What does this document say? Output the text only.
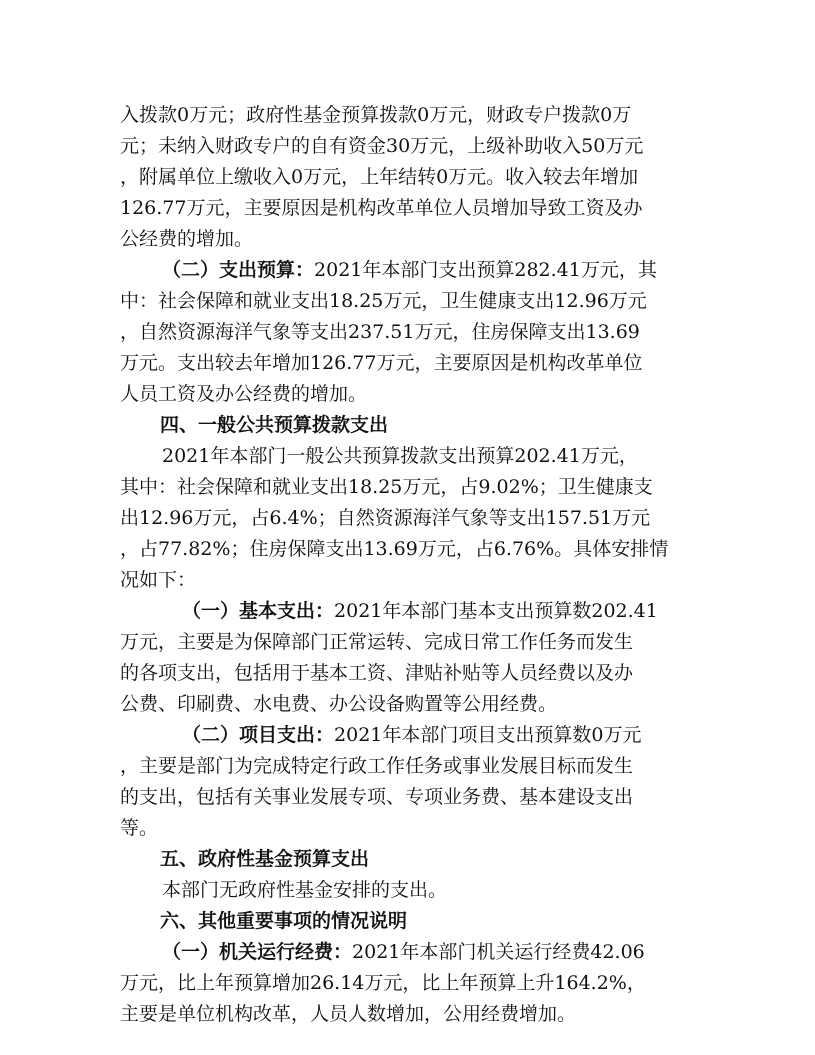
入拨款0万元；政府性基金预算拨款0万元，财政专户拨款0万
元；未纳入财政专户的自有资金30万元，上级补助收入50万元
，附属单位上缴收入0万元，上年结转0万元。收入较去年增加
126.77万元，主要原因是机构改革单位人员增加导致工资及办
公经费的增加。
（二）支出预算：2021年本部门支出预算282.41万元，其
中：社会保障和就业支出18.25万元，卫生健康支出12.96万元
，自然资源海洋气象等支出237.51万元，住房保障支出13.69
万元。支出较去年增加126.77万元，主要原因是机构改革单位
人员工资及办公经费的增加。
四、一般公共预算拨款支出
2021年本部门一般公共预算拨款支出预算202.41万元，
其中：社会保障和就业支出18.25万元，占9.02%；卫生健康支
出12.96万元，占6.4%；自然资源海洋气象等支出157.51万元
，占77.82%；住房保障支出13.69万元，占6.76%。具体安排情
况如下：
（一）基本支出：2021年本部门基本支出预算数202.41
万元，主要是为保障部门正常运转、完成日常工作任务而发生
的各项支出，包括用于基本工资、津贴补贴等人员经费以及办
公费、印刷费、水电费、办公设备购置等公用经费。
（二）项目支出：2021年本部门项目支出预算数0万元
，主要是部门为完成特定行政工作任务或事业发展目标而发生
的支出，包括有关事业发展专项、专项业务费、基本建设支出
等。
五、政府性基金预算支出
本部门无政府性基金安排的支出。
六、其他重要事项的情况说明
（一）机关运行经费：2021年本部门机关运行经费42.06
万元，比上年预算增加26.14万元，比上年预算上升164.2%，
主要是单位机构改革，人员人数增加，公用经费增加。
